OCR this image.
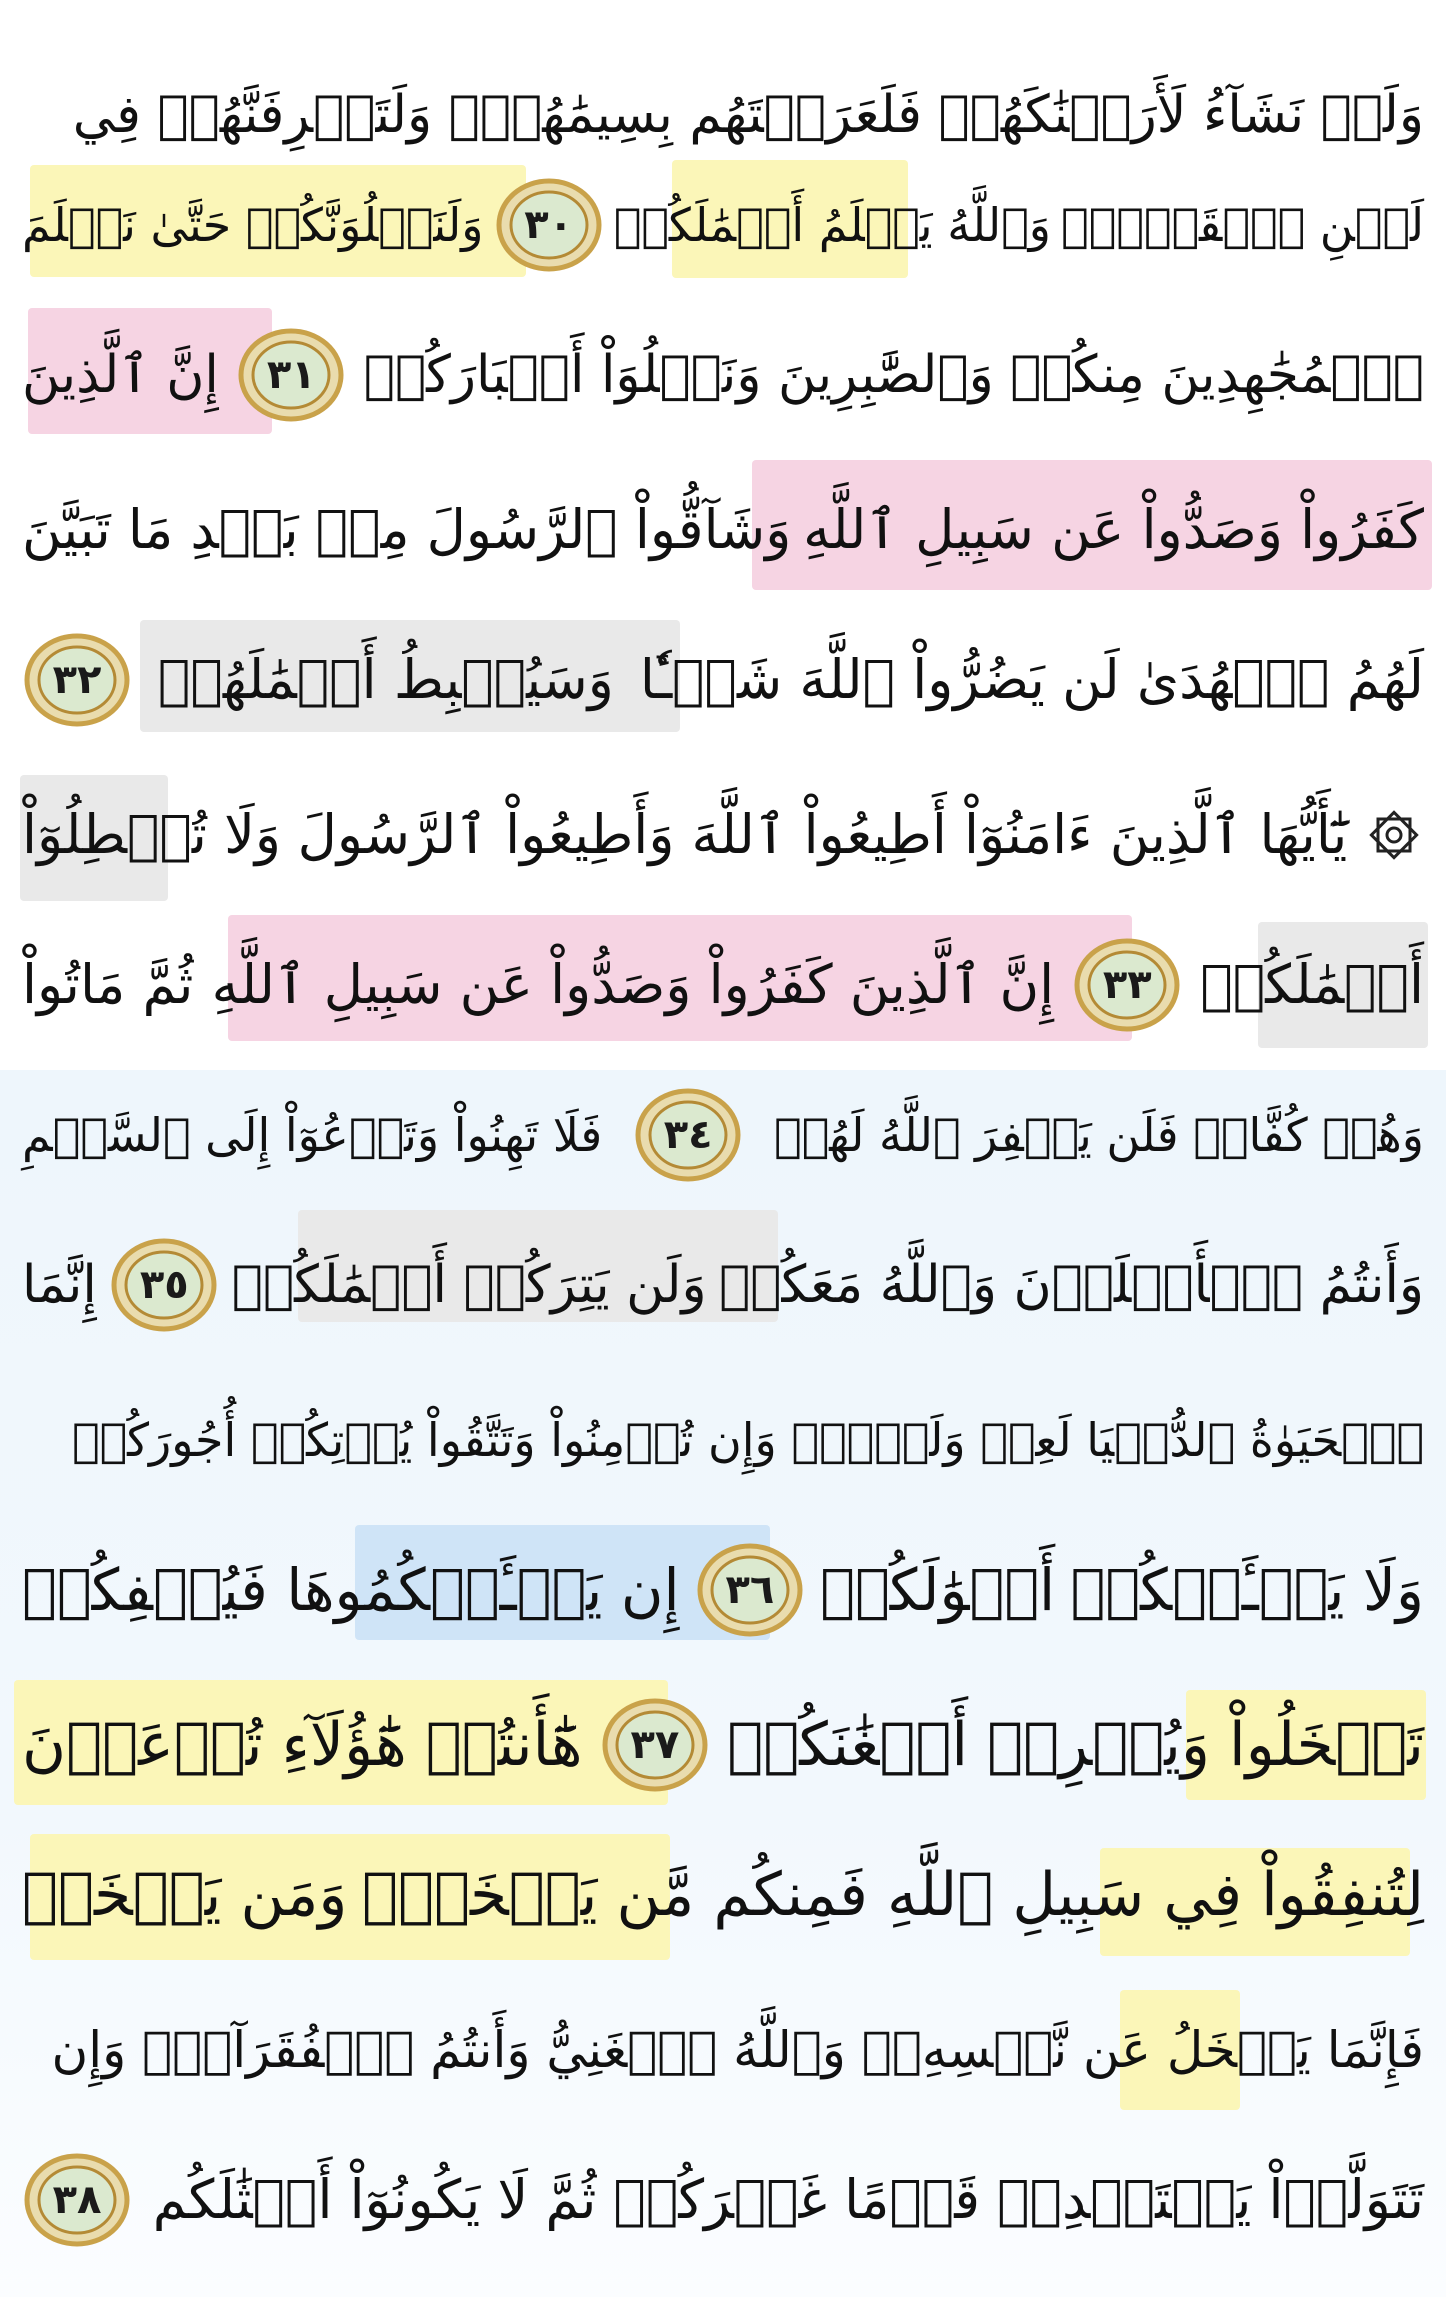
وَلَوۡ نَشَآءُ لَأَرَيۡنَٰكَهُمۡ فَلَعَرَفۡتَهُم بِسِيمَٰهُمۡۚ وَلَتَعۡرِفَنَّهُمۡ فِي
لَحۡنِ ٱلۡقَوۡلِۚ
وَٱللَّهُ يَعۡلَمُ أَعۡمَٰلَكُمۡ
٣٠
وَلَنَبۡلُوَنَّكُمۡ حَتَّىٰ نَعۡلَمَ
ٱلۡمُجَٰهِدِينَ مِنكُمۡ وَٱلصَّٰبِرِينَ وَنَبۡلُوَاْ أَخۡبَارَكُمۡ
٣١
إِنَّ ٱلَّذِينَ
كَفَرُواْ وَصَدُّواْ عَن سَبِيلِ ٱللَّهِ
وَشَآقُّواْ ٱلرَّسُولَ مِنۢ بَعۡدِ مَا تَبَيَّنَ
لَهُمُ ٱلۡهُدَىٰ لَن يَضُرُّواْ ٱللَّهَ شَيۡـٔٗا
وَسَيُحۡبِطُ أَعۡمَٰلَهُمۡ
٣٢
يَٰٓأَيُّهَا ٱلَّذِينَ ءَامَنُوٓاْ أَطِيعُواْ ٱللَّهَ وَأَطِيعُواْ ٱلرَّسُولَ
وَلَا تُبۡطِلُوٓاْ
أَعۡمَٰلَكُمۡ
٣٣
إِنَّ ٱلَّذِينَ كَفَرُواْ وَصَدُّواْ عَن سَبِيلِ ٱللَّهِ
ثُمَّ مَاتُواْ
وَهُمۡ كُفَّارٞ فَلَن يَغۡفِرَ ٱللَّهُ لَهُمۡ
٣٤
فَلَا تَهِنُواْ وَتَدۡعُوٓاْ إِلَى ٱلسَّلۡمِ
وَأَنتُمُ ٱلۡأَعۡلَوۡنَ وَٱللَّهُ مَعَكُمۡ
وَلَن يَتِرَكُمۡ أَعۡمَٰلَكُمۡ
٣٥
إِنَّمَا
ٱلۡحَيَوٰةُ ٱلدُّنۡيَا لَعِبٞ وَلَهۡوٞۚ وَإِن تُؤۡمِنُواْ وَتَتَّقُواْ يُؤۡتِكُمۡ أُجُورَكُمۡ
وَلَا يَسۡـَٔلۡكُمۡ
أَمۡوَٰلَكُمۡ
٣٦
إِن يَسۡـَٔلۡكُمُوهَا فَيُحۡفِكُمۡ
تَبۡخَلُواْ وَيُخۡرِجۡ أَضۡغَٰنَكُمۡ
٣٧
هَٰٓأَنتُمۡ هَٰٓؤُلَآءِ تُدۡعَوۡنَ
لِتُنفِقُواْ فِي سَبِيلِ ٱللَّهِ فَمِنكُم مَّن يَبۡخَلُۖ
وَمَن يَبۡخَلۡ
فَإِنَّمَا يَبۡخَلُ عَن نَّفۡسِهِۦۚ وَٱللَّهُ ٱلۡغَنِيُّ وَأَنتُمُ ٱلۡفُقَرَآءُۚ وَإِن
تَتَوَلَّوۡاْ يَسۡتَبۡدِلۡ قَوۡمًا غَيۡرَكُمۡ ثُمَّ لَا يَكُونُوٓاْ أَمۡثَٰلَكُم
٣٨
